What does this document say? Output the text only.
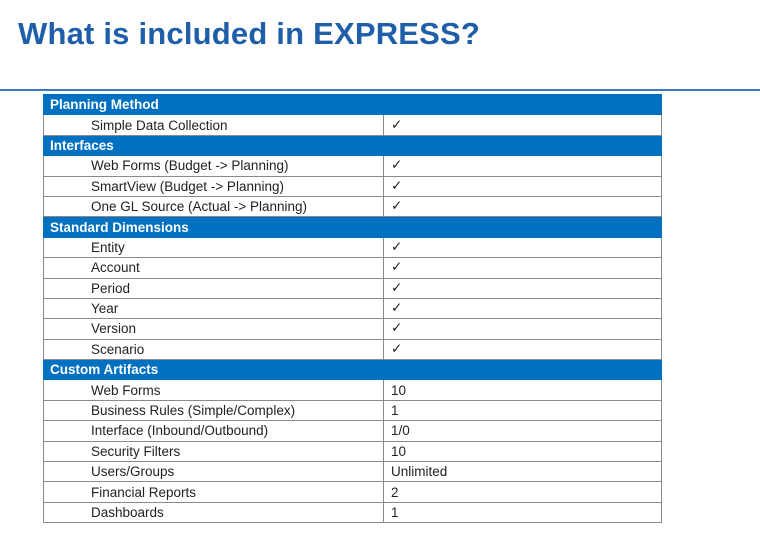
What is included in EXPRESS?
Planning Method	
Simple Data Collection	✓
Interfaces	
Web Forms (Budget -> Planning)	✓
SmartView (Budget -> Planning)	✓
One GL Source (Actual -> Planning)	✓
Standard Dimensions	
Entity	✓
Account	✓
Period	✓
Year	✓
Version	✓
Scenario	✓
Custom Artifacts	
Web Forms	10
Business Rules (Simple/Complex)	1
Interface (Inbound/Outbound)	1/0
Security Filters	10
Users/Groups	Unlimited
Financial Reports	2
Dashboards	1
